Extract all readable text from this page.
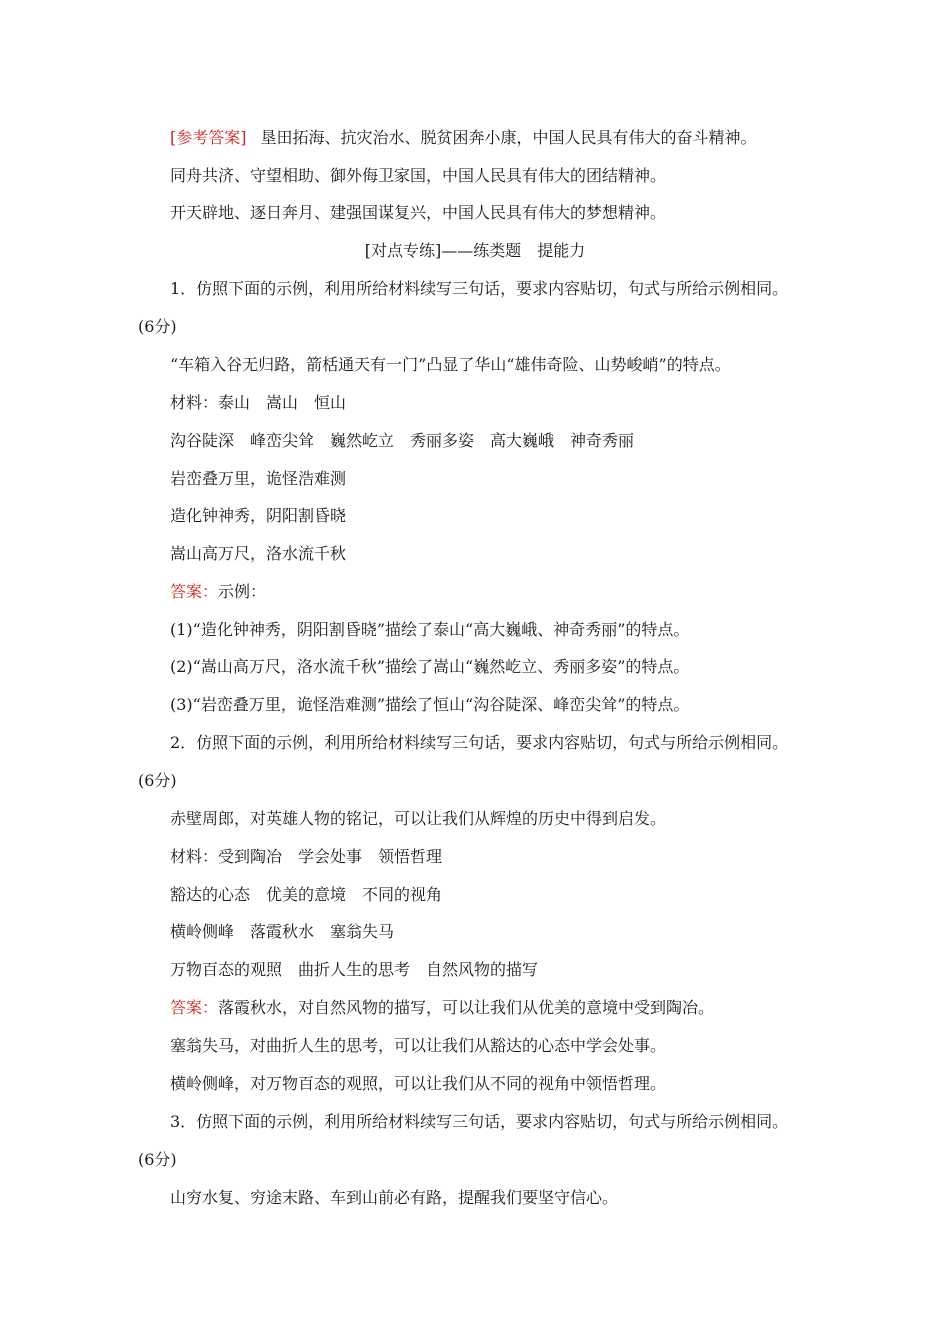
[参考答案] 垦田拓海、抗灾治水、脱贫困奔小康，中国人民具有伟大的奋斗精神。
同舟共济、守望相助、御外侮卫家国，中国人民具有伟大的团结精神。
开天辟地、逐日奔月、建强国谋复兴，中国人民具有伟大的梦想精神。
[对点专练]——练类题　提能力
1．仿照下面的示例，利用所给材料续写三句话，要求内容贴切，句式与所给示例相同。
(6分)
“车箱入谷无归路，箭栝通天有一门”凸显了华山“雄伟奇险、山势峻峭”的特点。
材料：泰山　嵩山　恒山
沟谷陡深　峰峦尖耸　巍然屹立　秀丽多姿　高大巍峨　神奇秀丽
岩峦叠万里，诡怪浩难测
造化钟神秀，阴阳割昏晓
嵩山高万尺，洛水流千秋
答案：示例：
(1)“造化钟神秀，阴阳割昏晓”描绘了泰山“高大巍峨、神奇秀丽”的特点。
(2)“嵩山高万尺，洛水流千秋”描绘了嵩山“巍然屹立、秀丽多姿”的特点。
(3)“岩峦叠万里，诡怪浩难测”描绘了恒山“沟谷陡深、峰峦尖耸”的特点。
2．仿照下面的示例，利用所给材料续写三句话，要求内容贴切，句式与所给示例相同。
(6分)
赤壁周郎，对英雄人物的铭记，可以让我们从辉煌的历史中得到启发。
材料：受到陶冶　学会处事　领悟哲理
豁达的心态　优美的意境　不同的视角
横岭侧峰　落霞秋水　塞翁失马
万物百态的观照　曲折人生的思考　自然风物的描写
答案：落霞秋水，对自然风物的描写，可以让我们从优美的意境中受到陶冶。
塞翁失马，对曲折人生的思考，可以让我们从豁达的心态中学会处事。
横岭侧峰，对万物百态的观照，可以让我们从不同的视角中领悟哲理。
3．仿照下面的示例，利用所给材料续写三句话，要求内容贴切，句式与所给示例相同。
(6分)
山穷水复、穷途末路、车到山前必有路，提醒我们要坚守信心。
